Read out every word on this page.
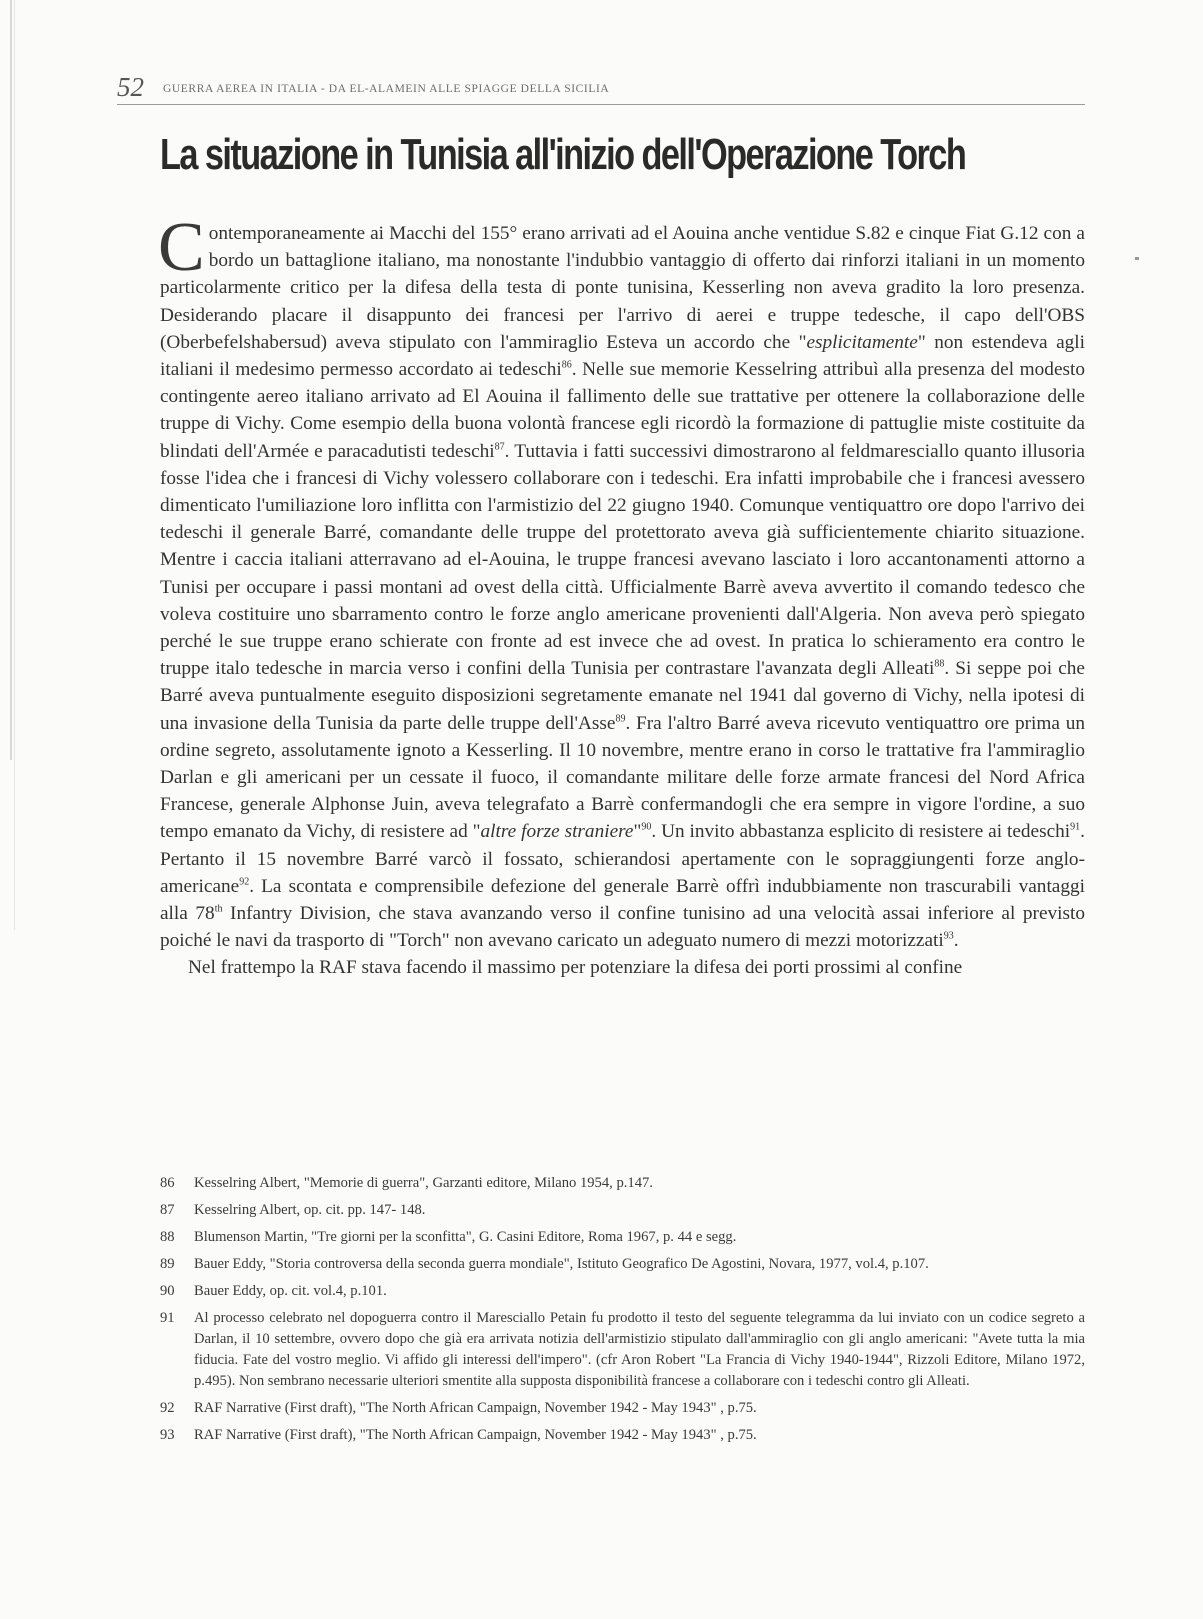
52 GUERRA AEREA IN ITALIA - DA EL-ALAMEIN ALLE SPIAGGE DELLA SICILIA
La situazione in Tunisia all'inizio dell'Operazione Torch

Contemporaneamente ai Macchi del 155° erano arrivati ad el Aouina anche ventidue S.82 e cinque Fiat G.12 con a bordo un battaglione italiano, ma nonostante l'indubbio vantaggio di offerto dai rinforzi italiani in un momento particolarmente critico per la difesa della testa di ponte tunisina, Kesserling non aveva gradito la loro presenza. Desiderando placare il disappunto dei francesi per l'arrivo di aerei e truppe tedesche, il capo dell'OBS (Oberbefelshabersud) aveva stipulato con l'ammiraglio Esteva un accordo che "esplicitamente" non estendeva agli italiani il medesimo permesso accordato ai tedeschi$^{86}$. Nelle sue memorie Kesselring attribuì alla presenza del modesto contingente aereo italiano arrivato ad El Aouina il fallimento delle sue trattative per ottenere la collaborazione delle truppe di Vichy. Come esempio della buona volontà francese egli ricordò la formazione di pattuglie miste costituite da blindati dell'Armée e paracadutisti tedeschi$^{87}$. Tuttavia i fatti successivi dimostrarono al feldmaresciallo quanto illusoria fosse l'idea che i francesi di Vichy volessero collaborare con i tedeschi. Era infatti improbabile che i francesi avessero dimenticato l'umiliazione loro inflitta con l'armistizio del 22 giugno 1940. Comunque ventiquattro ore dopo l'arrivo dei tedeschi il generale Barré, comandante delle truppe del protettorato aveva già sufficientemente chiarito situazione. Mentre i caccia italiani atterravano ad el-Aouina, le truppe francesi avevano lasciato i loro accantonamenti attorno a Tunisi per occupare i passi montani ad ovest della città. Ufficialmente Barrè aveva avvertito il comando tedesco che voleva costituire uno sbarramento contro le forze anglo americane provenienti dall'Algeria. Non aveva però spiegato perché le sue truppe erano schierate con fronte ad est invece che ad ovest. In pratica lo schieramento era contro le truppe italo tedesche in marcia verso i confini della Tunisia per contrastare l'avanzata degli Alleati$^{88}$. Si seppe poi che Barré aveva puntualmente eseguito disposizioni segretamente emanate nel 1941 dal governo di Vichy, nella ipotesi di una invasione della Tunisia da parte delle truppe dell'Asse$^{89}$. Fra l'altro Barré aveva ricevuto ventiquattro ore prima un ordine segreto, assolutamente ignoto a Kesserling. Il 10 novembre, mentre erano in corso le trattative fra l'ammiraglio Darlan e gli americani per un cessate il fuoco, il comandante militare delle forze armate francesi del Nord Africa Francese, generale Alphonse Juin, aveva telegrafato a Barrè confermandogli che era sempre in vigore l'ordine, a suo tempo emanato da Vichy, di resistere ad "altre forze straniere"$^{90}$. Un invito abbastanza esplicito di resistere ai tedeschi$^{91}$. Pertanto il 15 novembre Barré varcò il fossato, schierandosi apertamente con le sopraggiungenti forze anglo- americane$^{92}$. La scontata e comprensibile defezione del generale Barrè offrì indubbiamente non trascurabili vantaggi alla 78th Infantry Division, che stava avanzando verso il confine tunisino ad una velocità assai inferiore al previsto poiché le navi da trasporto di "Torch" non avevano caricato un adeguato numero di mezzi motorizzati$^{93}$.

Nel frattempo la RAF stava facendo il massimo per potenziare la difesa dei porti prossimi al confine

86	Kesselring Albert, "Memorie di guerra", Garzanti editore, Milano 1954, p.147.
87	Kesselring Albert, op. cit. pp. 147- 148.
88	Blumenson Martin, "Tre giorni per la sconfitta", G. Casini Editore, Roma 1967, p. 44 e segg.
89	Bauer Eddy, "Storia controversa della seconda guerra mondiale", Istituto Geografico De Agostini, Novara, 1977, vol.4, p.107.
90	Bauer Eddy, op. cit. vol.4, p.101.
91	Al processo celebrato nel dopoguerra contro il Maresciallo Petain fu prodotto il testo del seguente telegramma da lui inviato con un codice segreto a Darlan, il 10 settembre, ovvero dopo che già era arrivata notizia dell'armistizio stipulato dall'ammiraglio con gli anglo americani: "Avete tutta la mia fiducia. Fate del vostro meglio. Vi affido gli interessi dell'impero". (cfr Aron Robert "La Francia di Vichy 1940-1944", Rizzoli Editore, Milano 1972, p.495). Non sembrano necessarie ulteriori smentite alla supposta disponibilità francese a collaborare con i tedeschi contro gli Alleati.
92	RAF Narrative (First draft), "The North African Campaign, November 1942 - May 1943" , p.75.
93	RAF Narrative (First draft), "The North African Campaign, November 1942 - May 1943" , p.75.
